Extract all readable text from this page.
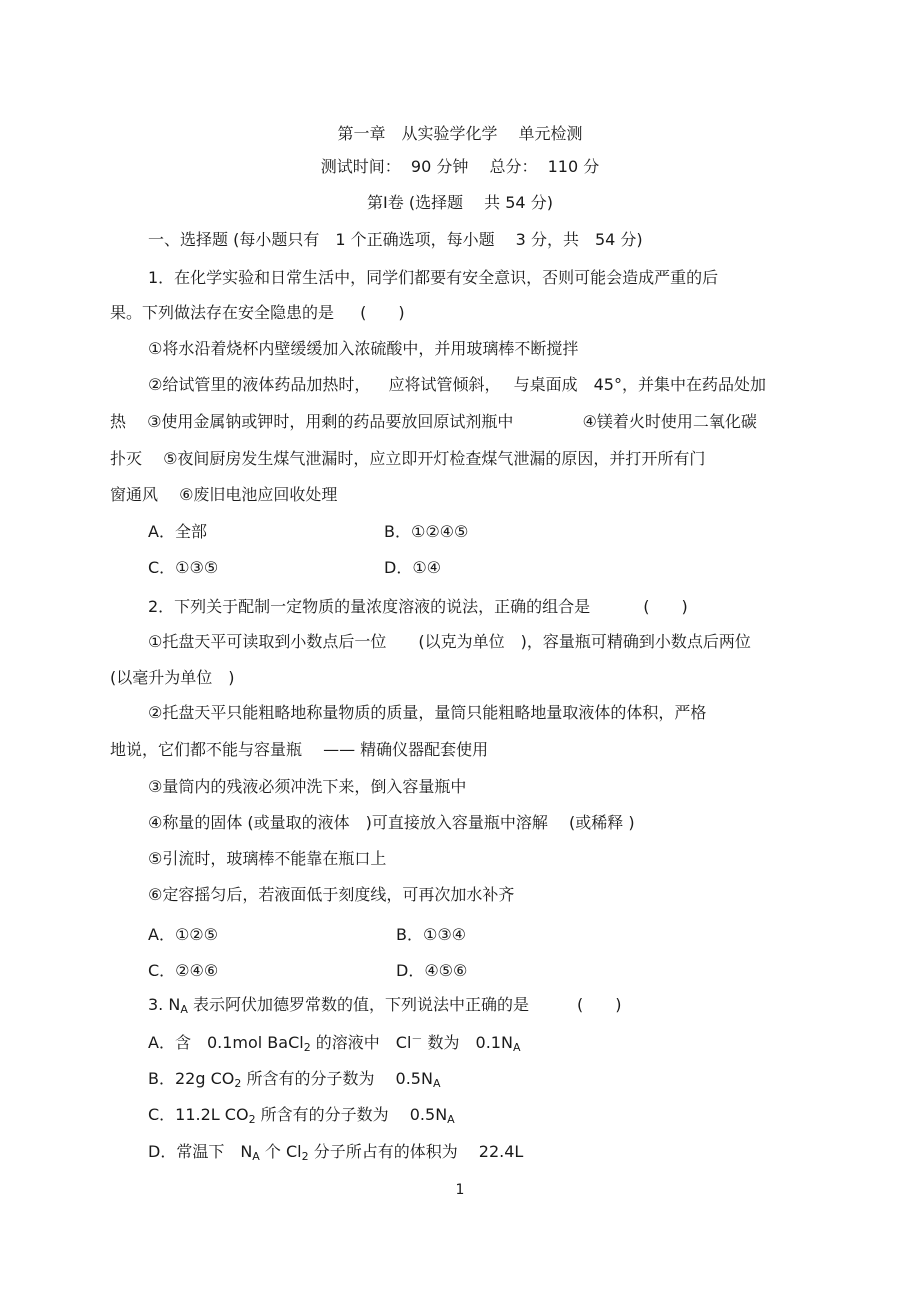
第一章　从实验学化学　 单元检测
测试时间：  90 分钟　 总分：  110 分
第Ⅰ卷 (选择题　 共 54 分)
一、选择题 (每小题只有　1 个正确选项，每小题　 3 分，共　54 分)
1．在化学实验和日常生活中，同学们都要有安全意识，否则可能会造成严重的后
果。下列做法存在安全隐患的是　  (　　)
①将水沿着烧杯内壁缓缓加入浓硫酸中，并用玻璃棒不断搅拌
②给试管里的液体药品加热时，　  应将试管倾斜，　 与桌面成　45°，并集中在药品处加
热　 ③使用金属钠或钾时，用剩的药品要放回原试剂瓶中　　　　 ④镁着火时使用二氧化碳
扑灭　 ⑤夜间厨房发生煤气泄漏时，应立即开灯检查煤气泄漏的原因，并打开所有门
窗通风　 ⑥废旧电池应回收处理
A．全部	B．①②④⑤
C．①③⑤	D．①④
2．下列关于配制一定物质的量浓度溶液的说法，正确的组合是　　　 (　　)
①托盘天平可读取到小数点后一位　　(以克为单位　)，容量瓶可精确到小数点后两位
(以毫升为单位　)
②托盘天平只能粗略地称量物质的质量，量筒只能粗略地量取液体的体积，严格
地说，它们都不能与容量瓶　 —— 精确仪器配套使用
③量筒内的残液必须冲洗下来，倒入容量瓶中
④称量的固体 (或量取的液体　)可直接放入容量瓶中溶解　 (或稀释 )
⑤引流时，玻璃棒不能靠在瓶口上
⑥定容摇匀后，若液面低于刻度线，可再次加水补齐
A．①②⑤	B．①③④
C．②④⑥	D．④⑤⑥
3. $N_A$ 表示阿伏加德罗常数的值，下列说法中正确的是　　　(　　)
A．含　0.1mol BaCl$_2$ 的溶液中　Cl－ 数为　$0.1N_A$
B．22g $CO_2$ 所含有的分子数为　 $0.5N_A$
C．11.2L $CO_2$ 所含有的分子数为　 $0.5N_A$
D．常温下　$N_A$ 个 $Cl_2$ 分子所占有的体积为　 22.4L
1
